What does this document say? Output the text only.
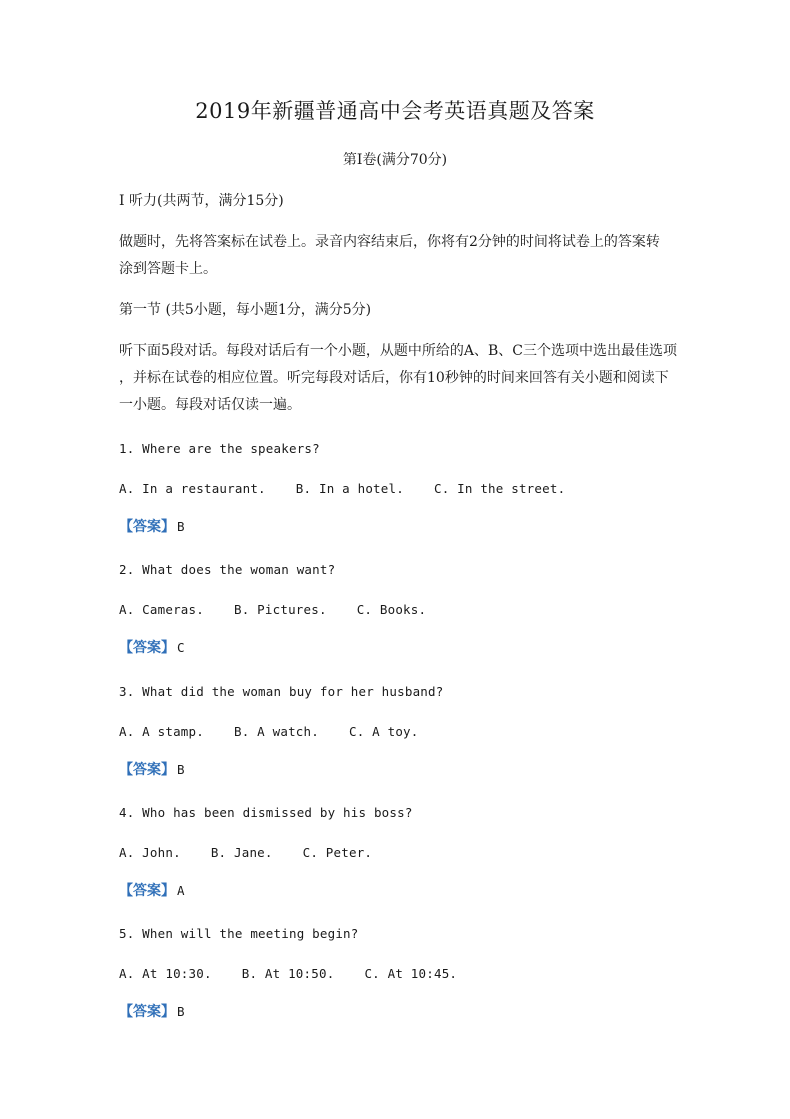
2019年新疆普通高中会考英语真题及答案
第Ⅰ卷(满分70分)
Ⅰ 听力(共两节，满分15分)
做题时，先将答案标在试卷上。录音内容结束后，你将有2分钟的时间将试卷上的答案转
涂到答题卡上。
第一节 (共5小题，每小题1分，满分5分)
听下面5段对话。每段对话后有一个小题，从题中所给的A、B、C三个选项中选出最佳选项
，并标在试卷的相应位置。听完每段对话后，你有10秒钟的时间来回答有关小题和阅读下
一小题。每段对话仅读一遍。
1. Where are the speakers?
A. In a restaurant. B. In a hotel. C. In the street.
【答案】 B
2. What does the woman want?
A. Cameras. B. Pictures. C. Books.
【答案】 C
3. What did the woman buy for her husband?
A. A stamp. B. A watch. C. A toy.
【答案】 B
4. Who has been dismissed by his boss?
A. John. B. Jane. C. Peter.
【答案】 A
5. When will the meeting begin?
A. At 10:30. B. At 10:50. C. At 10:45.
【答案】 B
